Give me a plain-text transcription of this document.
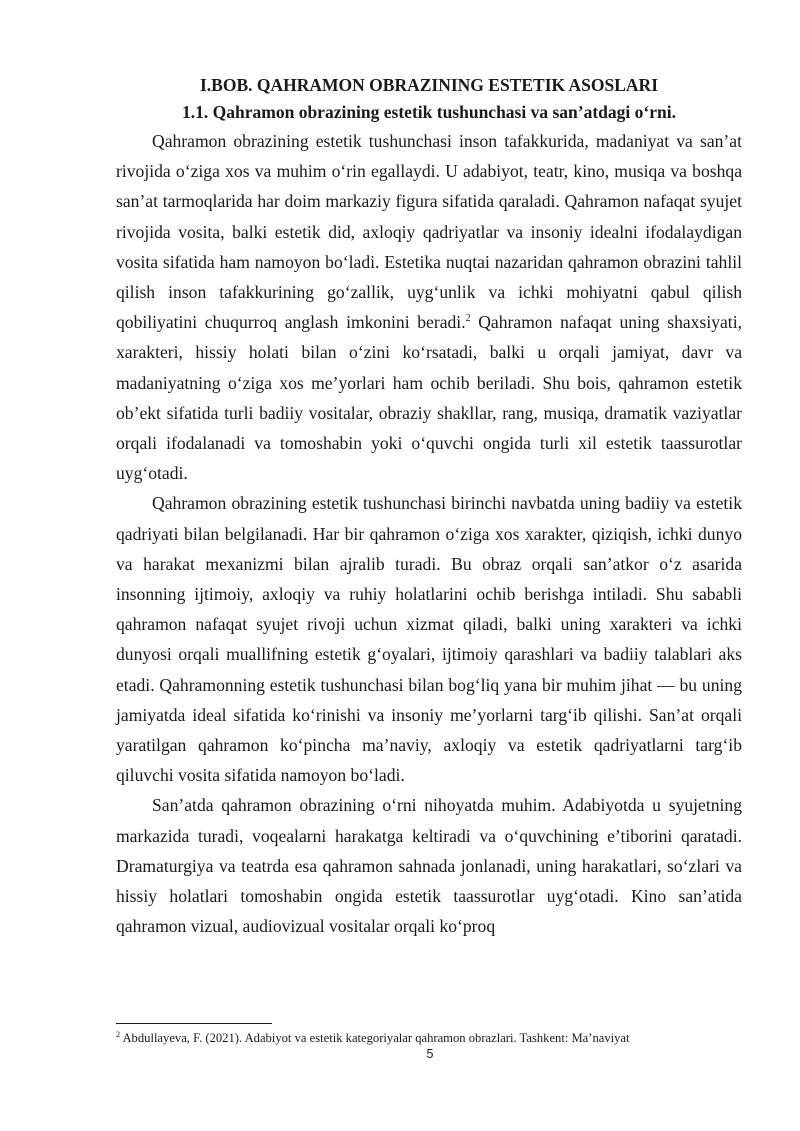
I.BOB. QAHRAMON OBRAZINING ESTETIK ASOSLARI
1.1. Qahramon obrazining estetik tushunchasi va san’atdagi o‘rni.

Qahramon obrazining estetik tushunchasi inson tafakkurida, madaniyat va san’at rivojida o‘ziga xos va muhim o‘rin egallaydi. U adabiyot, teatr, kino, musiqa va boshqa san’at tarmoqlarida har doim markaziy figura sifatida qaraladi. Qahramon nafaqat syujet rivojida vosita, balki estetik did, axloqiy qadriyatlar va insoniy idealni ifodalaydigan vosita sifatida ham namoyon bo‘ladi. Estetika nuqtai nazaridan qahramon obrazini tahlil qilish inson tafakkurining go‘zallik, uyg‘unlik va ichki mohiyatni qabul qilish qobiliyatini chuqurroq anglash imkonini beradi.$^2$ Qahramon nafaqat uning shaxsiyati, xarakteri, hissiy holati bilan o‘zini ko‘rsatadi, balki u orqali jamiyat, davr va madaniyatning o‘ziga xos me’yorlari ham ochib beriladi. Shu bois, qahramon estetik ob’ekt sifatida turli badiiy vositalar, obraziy shakllar, rang, musiqa, dramatik vaziyatlar orqali ifodalanadi va tomoshabin yoki o‘quvchi ongida turli xil estetik taassurotlar uyg‘otadi.

Qahramon obrazining estetik tushunchasi birinchi navbatda uning badiiy va estetik qadriyati bilan belgilanadi. Har bir qahramon o‘ziga xos xarakter, qiziqish, ichki dunyo va harakat mexanizmi bilan ajralib turadi. Bu obraz orqali san’atkor o‘z asarida insonning ijtimoiy, axloqiy va ruhiy holatlarini ochib berishga intiladi. Shu sababli qahramon nafaqat syujet rivoji uchun xizmat qiladi, balki uning xarakteri va ichki dunyosi orqali muallifning estetik g‘oyalari, ijtimoiy qarashlari va badiiy talablari aks etadi. Qahramonning estetik tushunchasi bilan bog‘liq yana bir muhim jihat — bu uning jamiyatda ideal sifatida ko‘rinishi va insoniy me’yorlarni targ‘ib qilishi. San’at orqali yaratilgan qahramon ko‘pincha ma’naviy, axloqiy va estetik qadriyatlarni targ‘ib qiluvchi vosita sifatida namoyon bo‘ladi.

San’atda qahramon obrazining o‘rni nihoyatda muhim. Adabiyotda u syujetning markazida turadi, voqealarni harakatga keltiradi va o‘quvchining e’tiborini qaratadi. Dramaturgiya va teatrda esa qahramon sahnada jonlanadi, uning harakatlari, so‘zlari va hissiy holatlari tomoshabin ongida estetik taassurotlar uyg‘otadi. Kino san’atida qahramon vizual, audiovizual vositalar orqali ko‘proq

$^2$ Abdullayeva, F. (2021). Adabiyot va estetik kategoriyalar qahramon obrazlari. Tashkent: Ma’naviyat
5
